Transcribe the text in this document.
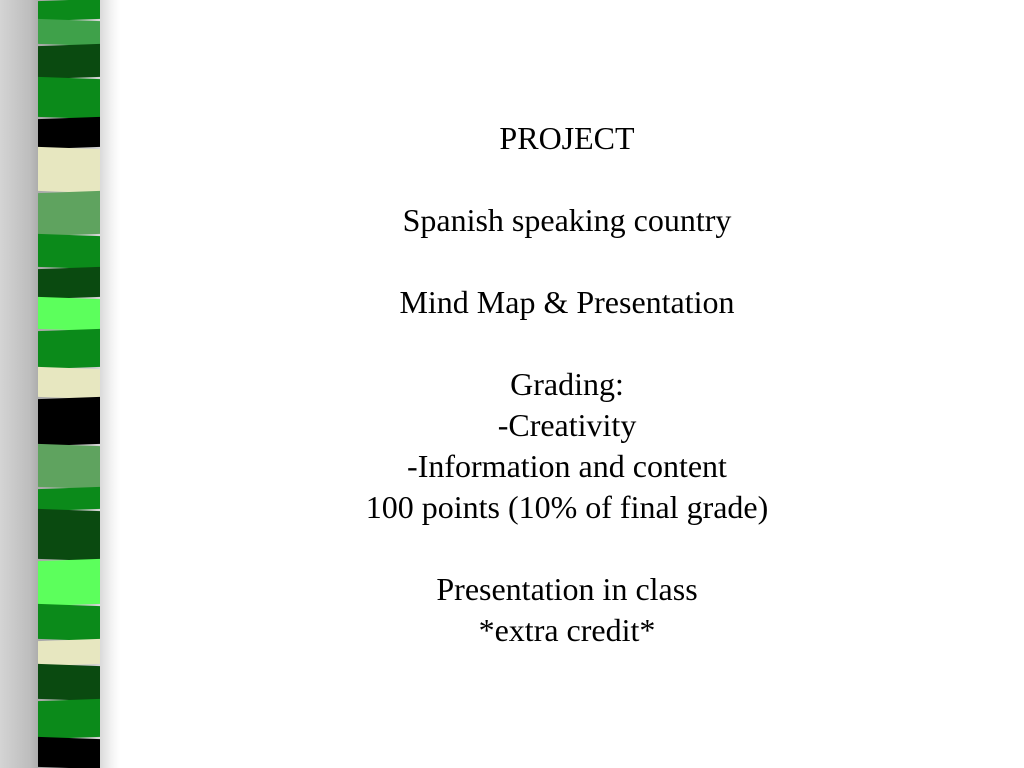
PROJECT
Spanish speaking country
Mind Map & Presentation
Grading:
-Creativity
-Information and content
100 points (10% of final grade)
Presentation in class
*extra credit*
